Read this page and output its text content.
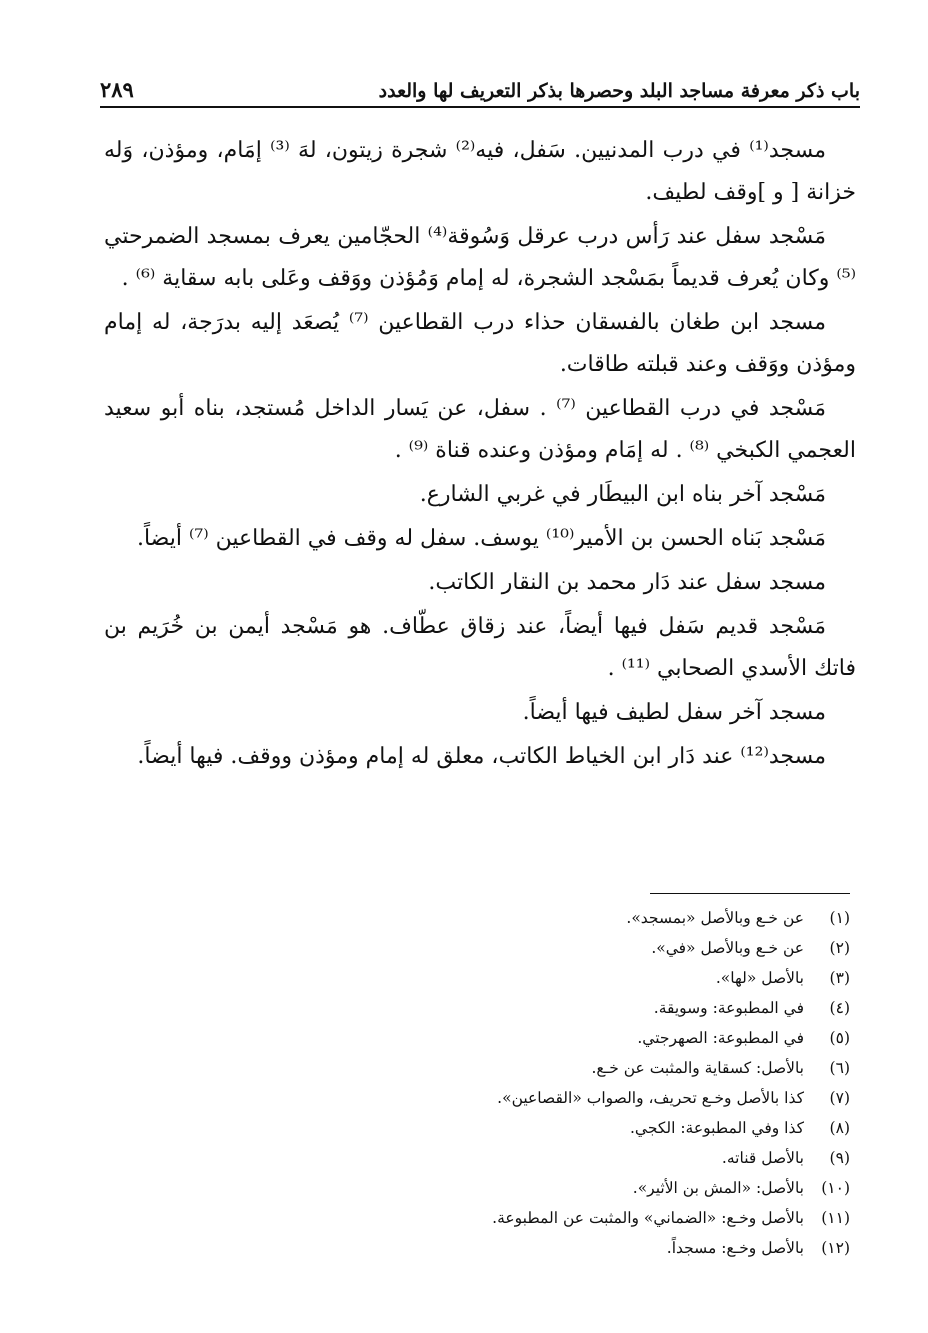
٢٨٩	باب ذكر معرفة مساجد البلد وحصرها بذكر التعريف لها والعدد

مسجد⁽¹⁾ في درب المدنيين. سَفل، فيه⁽²⁾ شجرة زيتون، لهَ ⁽³⁾ إمَام، ومؤذن، وَله خزانة [ و ]وقف لطيف.

مَسْجد سفل عند رَأس درب عرقل وَسُوقة⁽⁴⁾ الحجّامين يعرف بمسجد الضمرحتي ⁽⁵⁾ وكان يُعرف قديماً بمَسْجد الشجرة، له إمام وَمُؤذن ووَقف وعَلى بابه سقاية ⁽⁶⁾ .

مسجد ابن طغان بالفسقان حذاء درب القطاعين ⁽⁷⁾ يُصعَد إليه بدرَجة، له إمام ومؤذن ووَقف وعند قبلته طاقات.

مَسْجد في درب القطاعين ⁽⁷⁾ . سفل، عن يَسار الداخل مُستجد، بناه أبو سعيد العجمي الكبخي ⁽⁸⁾ . له إمَام ومؤذن وعنده قناة ⁽⁹⁾ .

مَسْجد آخر بناه ابن البيطَار في غربي الشارع.

مَسْجد بَناه الحسن بن الأمير⁽¹⁰⁾ يوسف. سفل له وقف في القطاعين ⁽⁷⁾ أيضاً.

مسجد سفل عند دَار محمد بن النقار الكاتب.

مَسْجد قديم سَفل فيها أيضاً، عند زقاق عطّاف. هو مَسْجد أيمن بن خُرَيم بن فاتك الأسدي الصحابي ⁽¹¹⁾ .

مسجد آخر سفل لطيف فيها أيضاً.

مسجد⁽¹²⁾ عند دَار ابن الخياط الكاتب، معلق له إمام ومؤذن ووقف. فيها أيضاً.

(١)
عن خـع وبالأصل «بمسجد».
(٢)
عن خـع وبالأصل «في».
(٣)
بالأصل «لها».
(٤)
في المطبوعة: وسويقة.
(٥)
في المطبوعة: الصهرجتي.
(٦)
بالأصل: كسقاية والمثبت عن خـع.
(٧)
كذا بالأصل وخـع تحريف، والصواب «القصاعين».
(٨)
كذا وفي المطبوعة: الكجي.
(٩)
بالأصل قناته.
(١٠)
بالأصل: «المش بن الأثير».
(١١)
بالأصل وخـع: «الضماني» والمثبت عن المطبوعة.
(١٢)
بالأصل وخـع: مسجداً.
